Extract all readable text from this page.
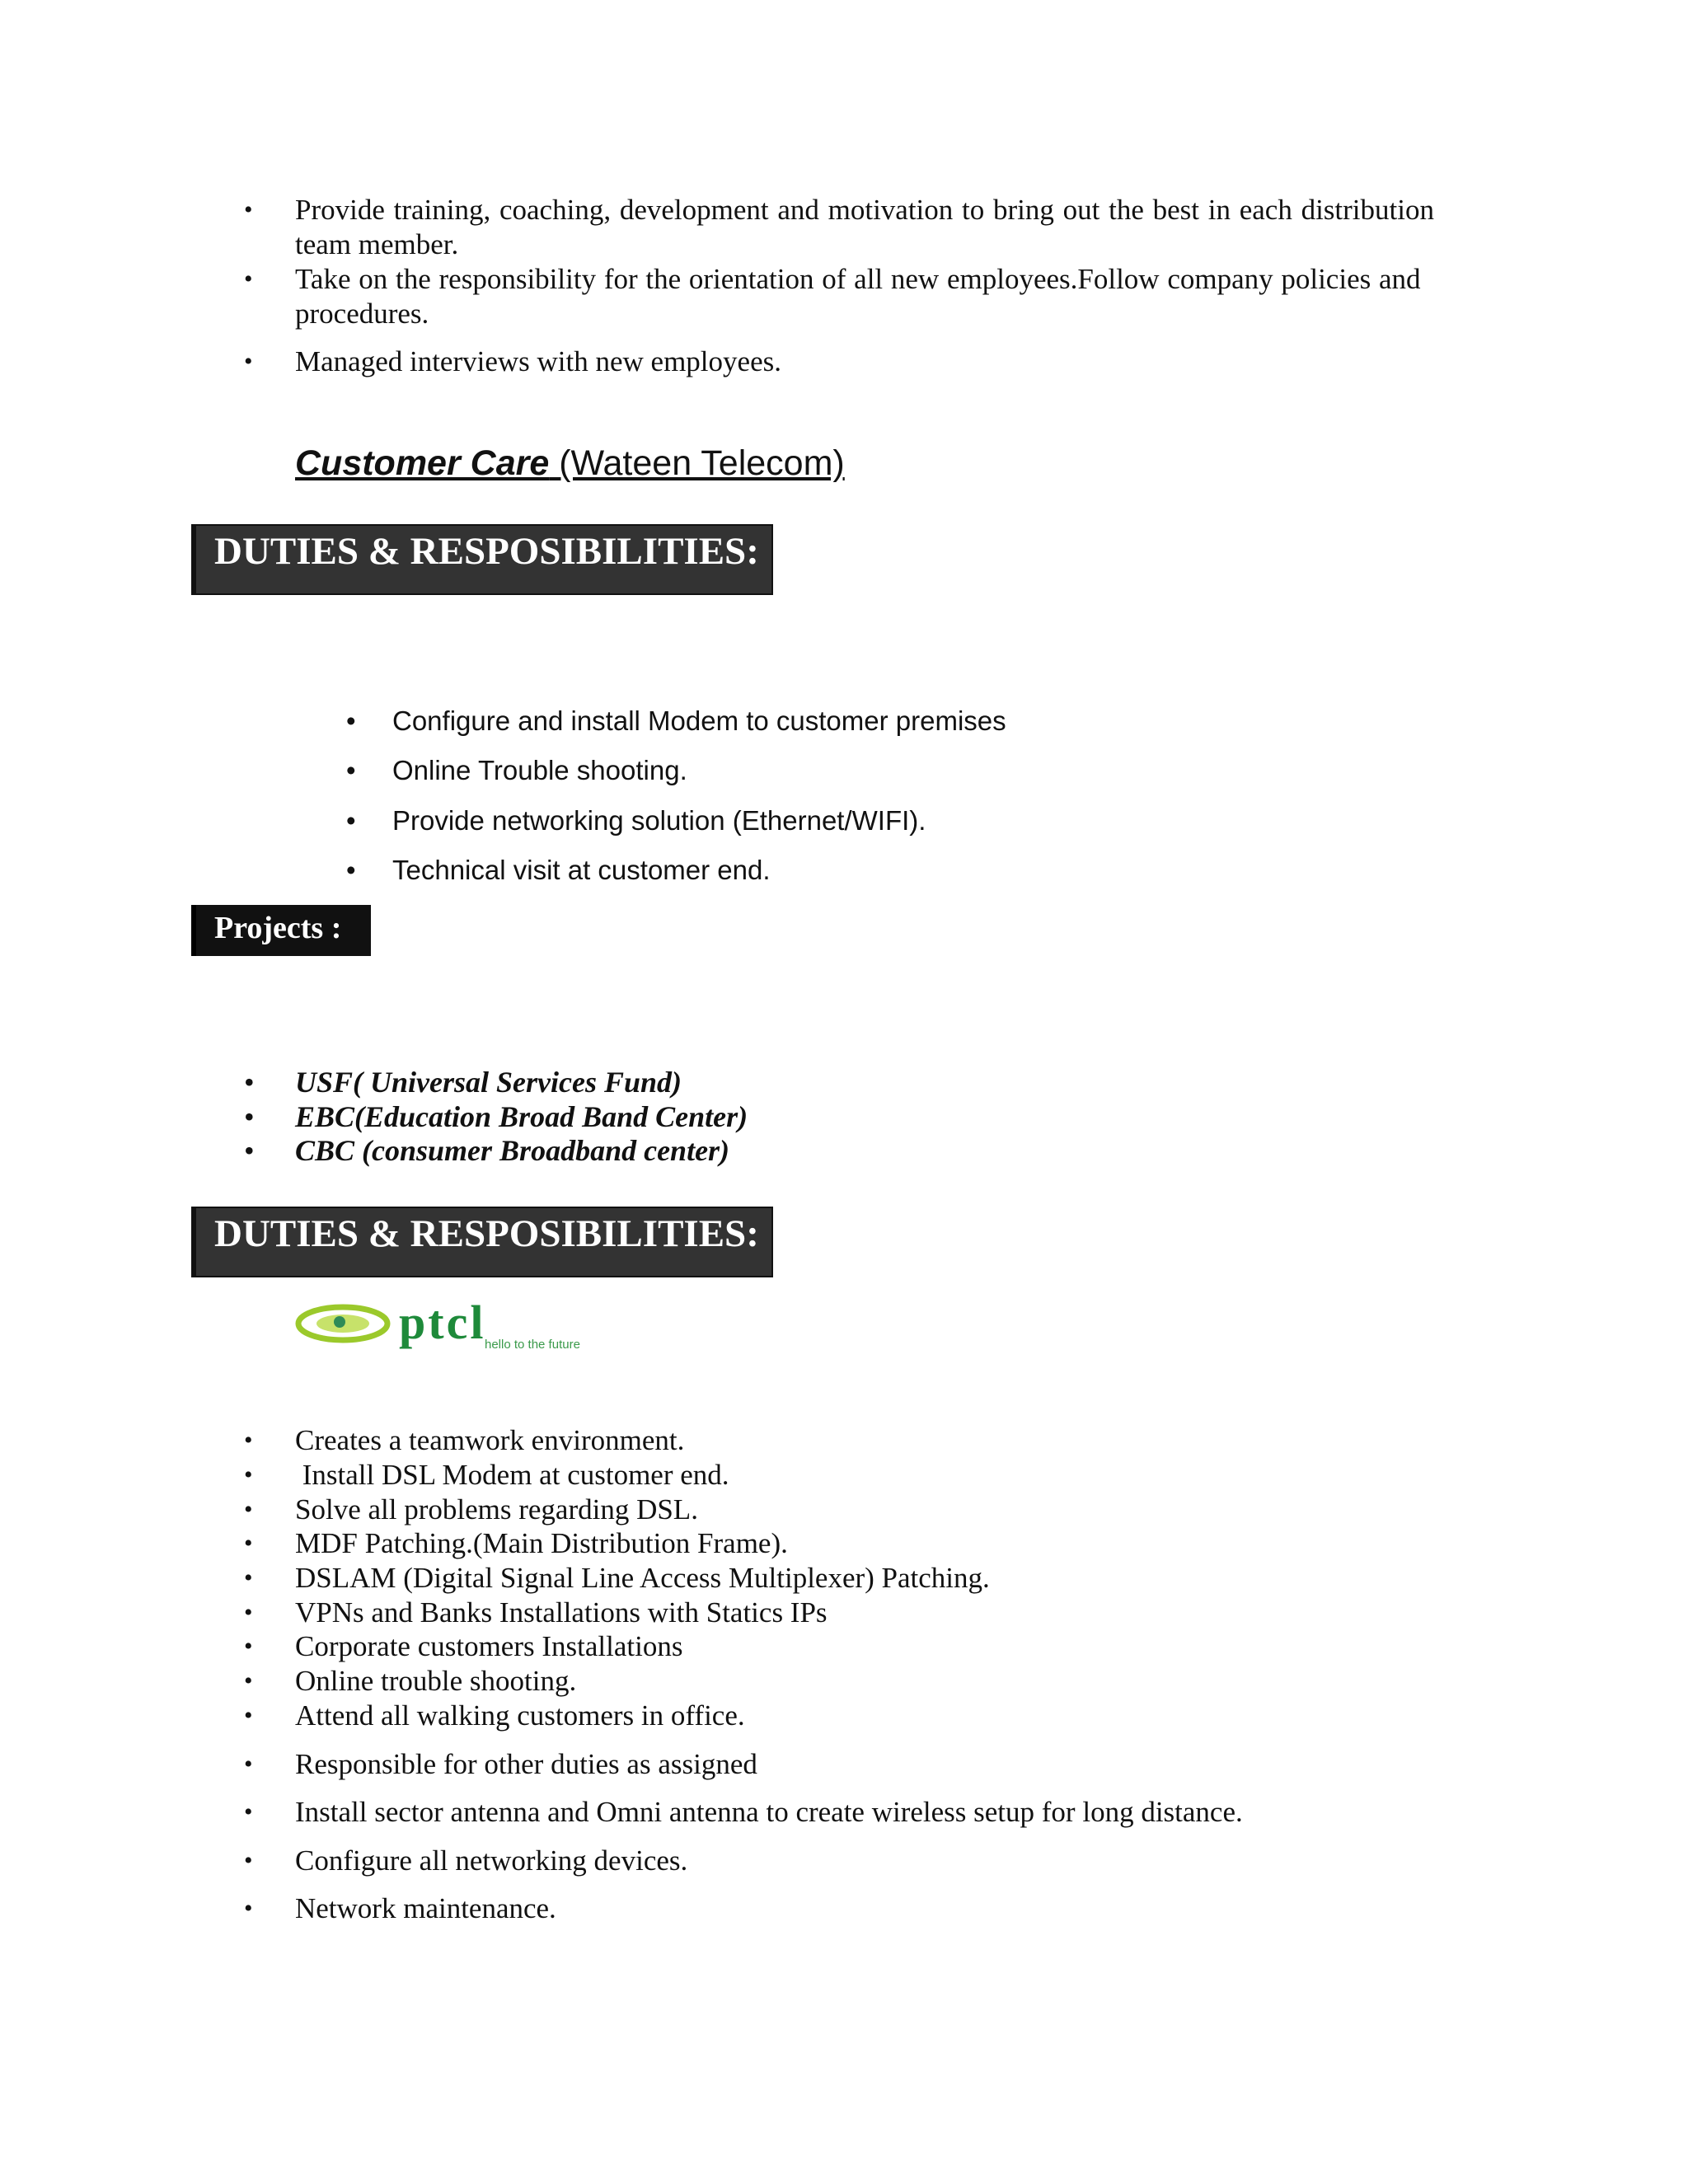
• Provide training, coaching, development and motivation to bring out the best in each distribution
team member.
• Take on the responsibility for the orientation of all new employees.Follow company policies and
procedures.
• Managed interviews with new employees.
Customer Care (Wateen Telecom)
DUTIES & RESPOSIBILITIES:
• Configure and install Modem to customer premises
• Online Trouble shooting.
• Provide networking solution (Ethernet/WIFI).
• Technical visit at customer end.
Projects :
• USF( Universal Services Fund)
• EBC(Education Broad Band Center)
• CBC (consumer Broadband center)
DUTIES & RESPOSIBILITIES:
ptcl
hello to the future
• Creates a teamwork environment.
• Install DSL Modem at customer end.
• Solve all problems regarding DSL.
• MDF Patching.(Main Distribution Frame).
• DSLAM (Digital Signal Line Access Multiplexer) Patching.
• VPNs and Banks Installations with Statics IPs
• Corporate customers Installations
• Online trouble shooting.
• Attend all walking customers in office.
• Responsible for other duties as assigned
• Install sector antenna and Omni antenna to create wireless setup for long distance.
• Configure all networking devices.
• Network maintenance.
